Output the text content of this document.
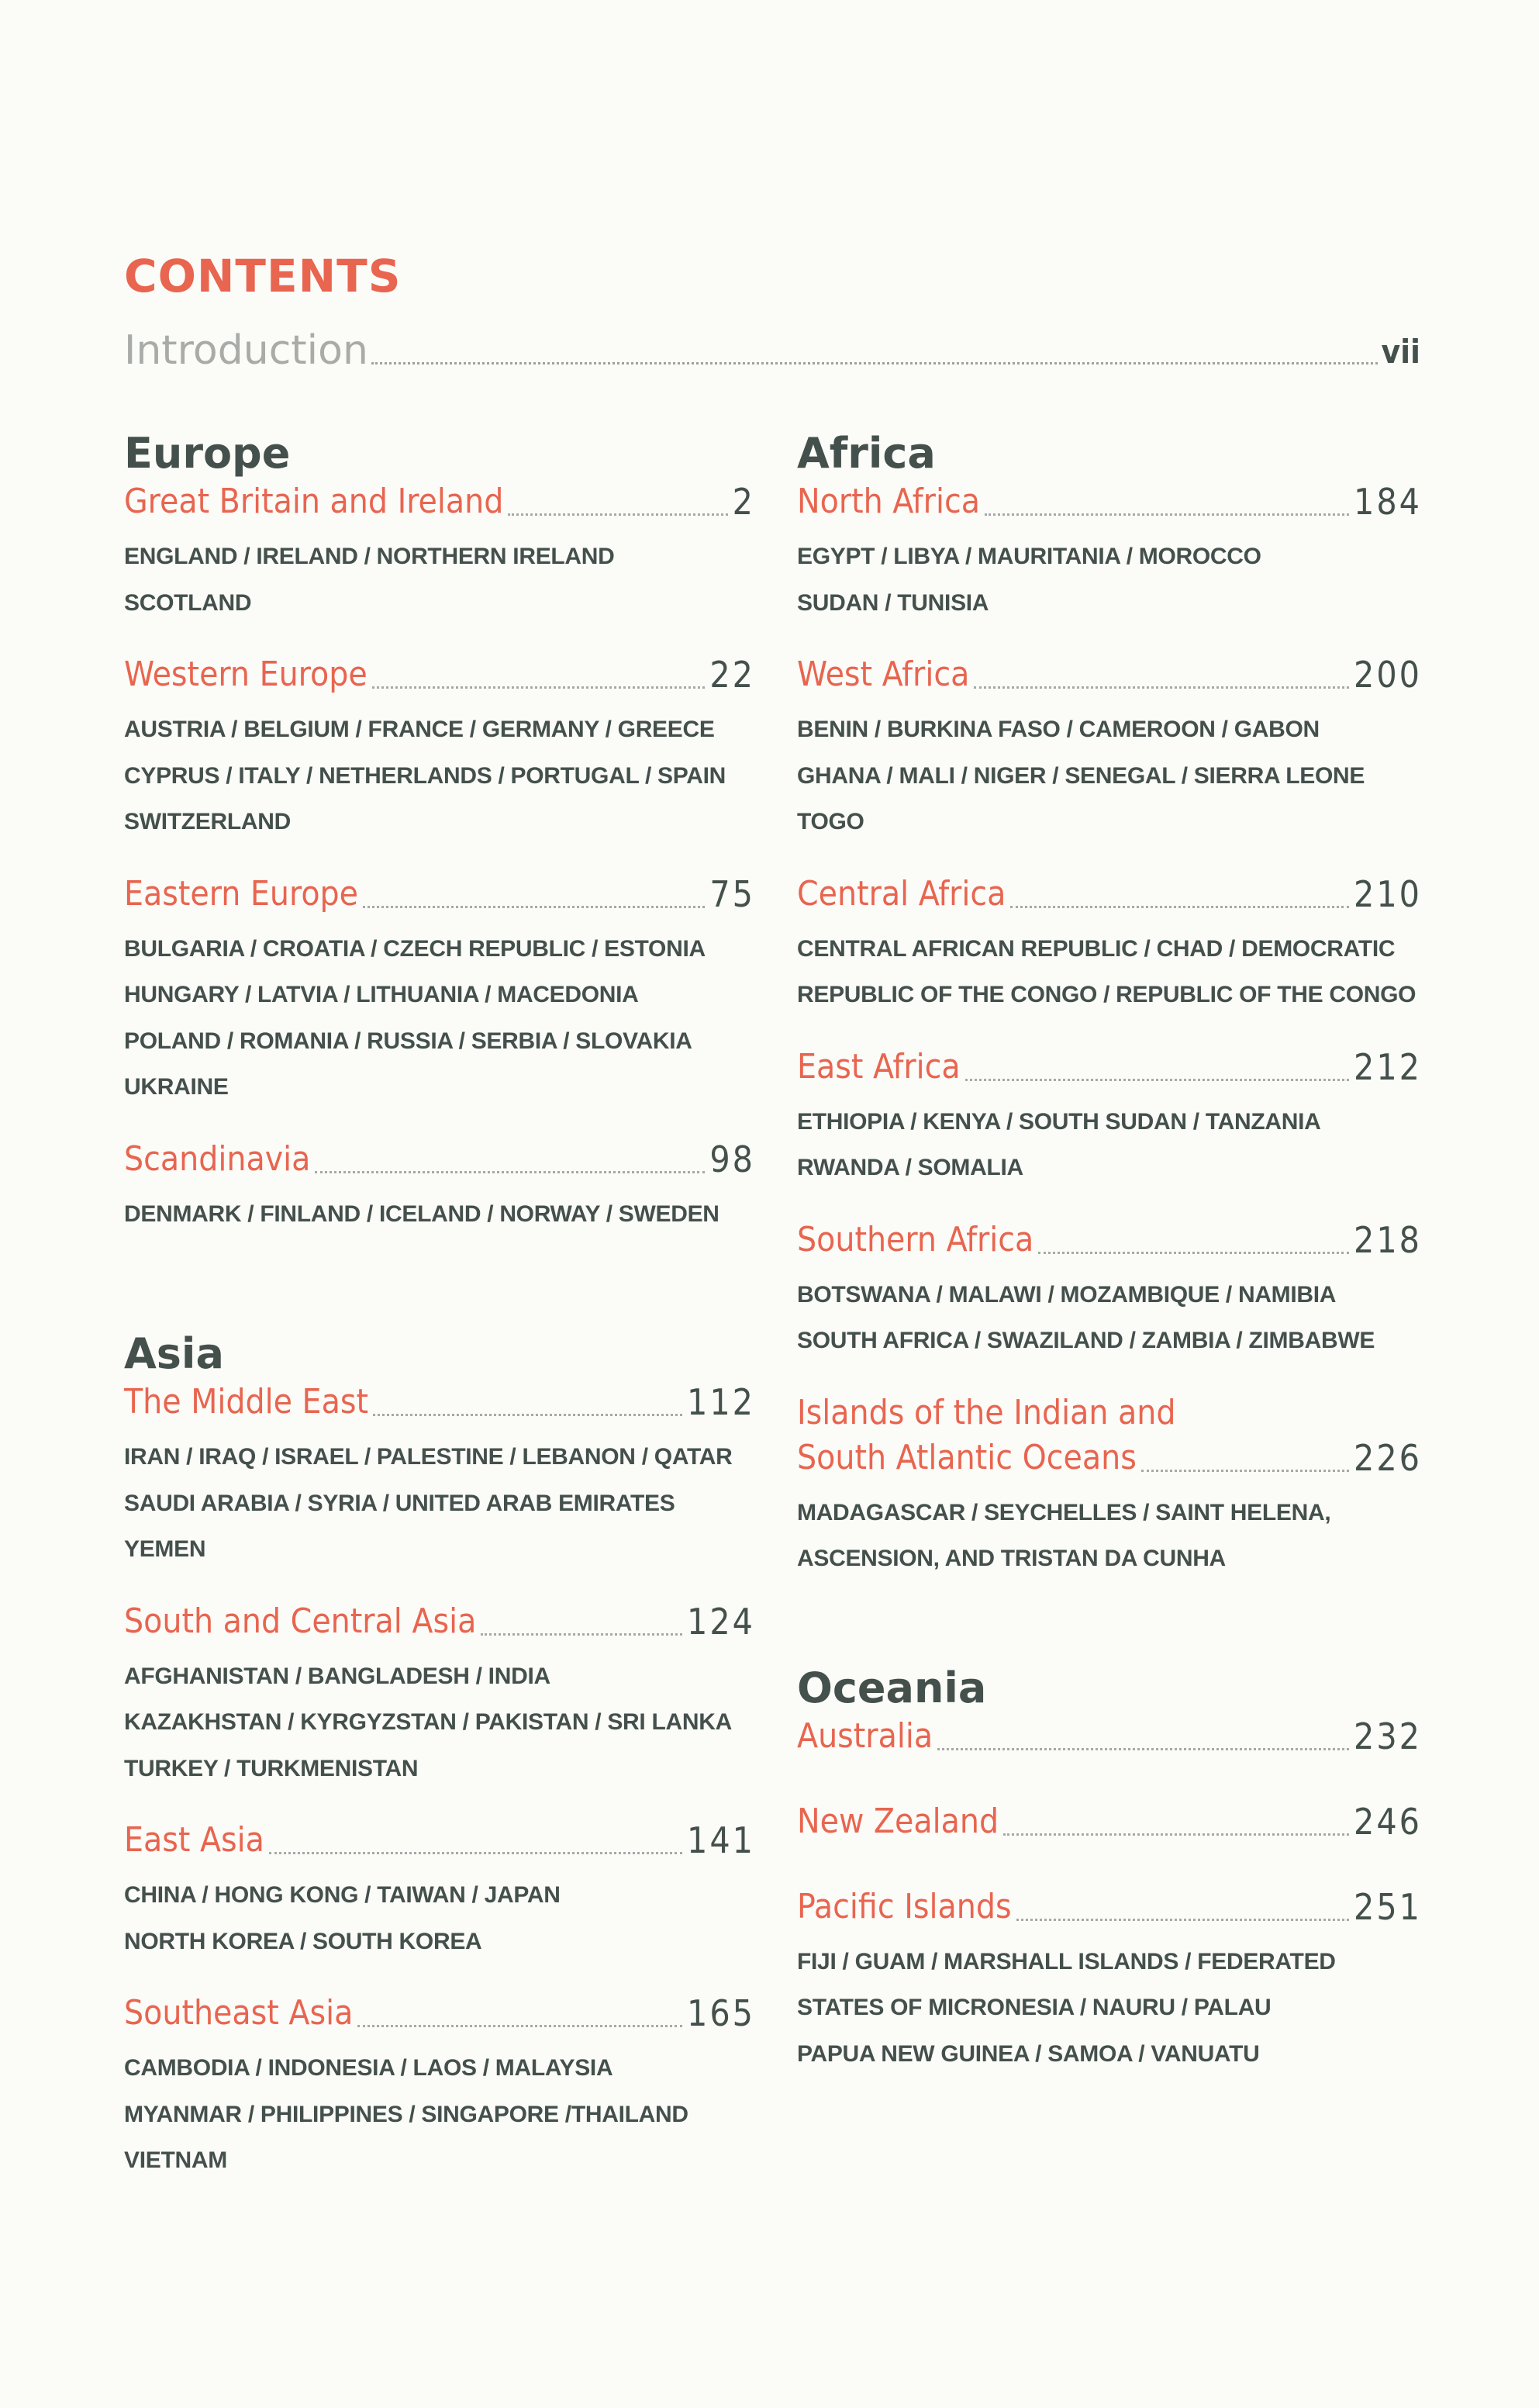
CONTENTS
Introduction	vii
Europe
Great Britain and Ireland	2
ENGLAND / IRELAND / NORTHERN IRELAND
SCOTLAND
Western Europe	22
AUSTRIA / BELGIUM / FRANCE / GERMANY / GREECE
CYPRUS / ITALY / NETHERLANDS / PORTUGAL / SPAIN
SWITZERLAND
Eastern Europe	75
BULGARIA / CROATIA / CZECH REPUBLIC / ESTONIA
HUNGARY / LATVIA / LITHUANIA / MACEDONIA
POLAND / ROMANIA / RUSSIA / SERBIA / SLOVAKIA
UKRAINE
Scandinavia	98
DENMARK / FINLAND / ICELAND / NORWAY / SWEDEN
Asia
The Middle East	112
IRAN / IRAQ / ISRAEL / PALESTINE / LEBANON / QATAR
SAUDI ARABIA / SYRIA / UNITED ARAB EMIRATES
YEMEN
South and Central Asia	124
AFGHANISTAN / BANGLADESH / INDIA
KAZAKHSTAN / KYRGYZSTAN / PAKISTAN / SRI LANKA
TURKEY / TURKMENISTAN
East Asia	141
CHINA / HONG KONG / TAIWAN / JAPAN
NORTH KOREA / SOUTH KOREA
Southeast Asia	165
CAMBODIA / INDONESIA / LAOS / MALAYSIA
MYANMAR / PHILIPPINES / SINGAPORE /THAILAND
VIETNAM
Africa
North Africa	184
EGYPT / LIBYA / MAURITANIA / MOROCCO
SUDAN / TUNISIA
West Africa	200
BENIN / BURKINA FASO / CAMEROON / GABON
GHANA / MALI / NIGER / SENEGAL / SIERRA LEONE
TOGO
Central Africa	210
CENTRAL AFRICAN REPUBLIC / CHAD / DEMOCRATIC
REPUBLIC OF THE CONGO / REPUBLIC OF THE CONGO
East Africa	212
ETHIOPIA / KENYA / SOUTH SUDAN / TANZANIA
RWANDA / SOMALIA
Southern Africa	218
BOTSWANA / MALAWI / MOZAMBIQUE / NAMIBIA
SOUTH AFRICA / SWAZILAND / ZAMBIA / ZIMBABWE
Islands of the Indian and
South Atlantic Oceans	226
MADAGASCAR / SEYCHELLES / SAINT HELENA,
ASCENSION, AND TRISTAN DA CUNHA
Oceania
Australia	232
New Zealand	246
Pacific Islands	251
FIJI / GUAM / MARSHALL ISLANDS / FEDERATED
STATES OF MICRONESIA / NAURU / PALAU
PAPUA NEW GUINEA / SAMOA / VANUATU
